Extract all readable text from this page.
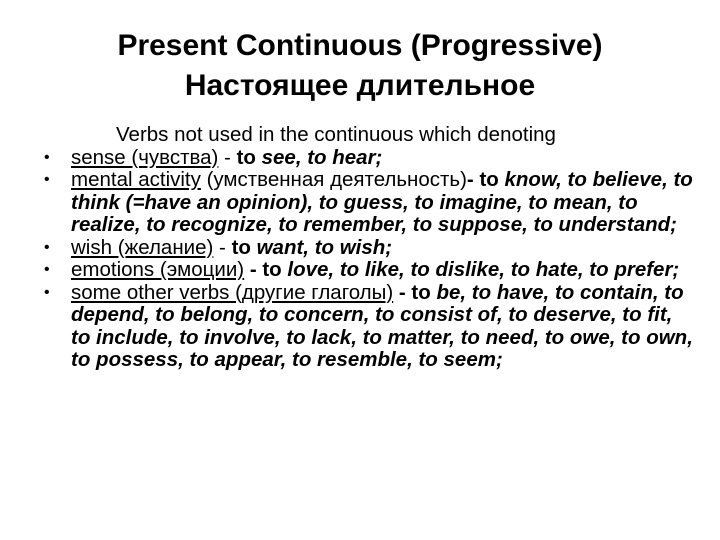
Present Continuous (Progressive)
Настоящее длительное

Verbs not used in the continuous which denoting

• sense (чувства) - to see, to hear;
• mental activity (умственная деятельность)- to know, to believe, to think (=have an opinion), to guess, to imagine, to mean, to realize, to recognize, to remember, to suppose, to understand;
• wish (желание) - to want, to wish;
• emotions (эмоции) - to love, to like, to dislike, to hate, to prefer;
• some other verbs (другие глаголы) - to be, to have, to contain, to depend, to belong, to concern, to consist of, to deserve, to fit, to include, to involve, to lack, to matter, to need, to owe, to own, to possess, to appear, to resemble, to seem;
